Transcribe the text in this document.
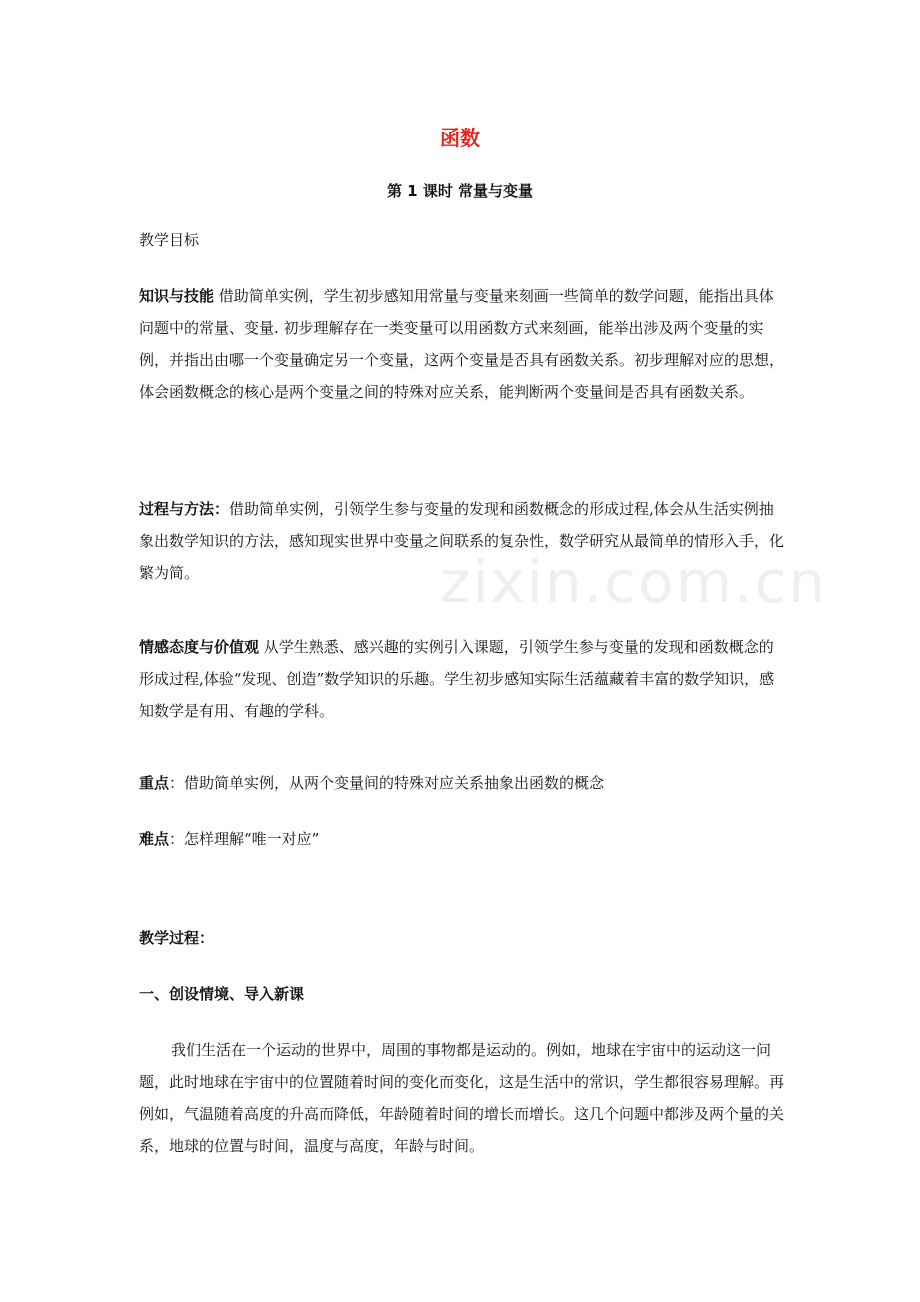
zixin.com.cn
函数
第 1 课时 常量与变量

教学目标

知识与技能 借助简单实例，学生初步感知用常量与变量来刻画一些简单的数学问题，能指出具体问题中的常量、变量. 初步理解存在一类变量可以用函数方式来刻画，能举出涉及两个变量的实例，并指出由哪一个变量确定另一个变量，这两个变量是否具有函数关系。初步理解对应的思想，体会函数概念的核心是两个变量之间的特殊对应关系，能判断两个变量间是否具有函数关系。

过程与方法：借助简单实例，引领学生参与变量的发现和函数概念的形成过程,体会从生活实例抽象出数学知识的方法，感知现实世界中变量之间联系的复杂性，数学研究从最简单的情形入手，化繁为简。

情感态度与价值观 从学生熟悉、感兴趣的实例引入课题，引领学生参与变量的发现和函数概念的形成过程,体验“发现、创造”数学知识的乐趣。学生初步感知实际生活蕴藏着丰富的数学知识，感知数学是有用、有趣的学科。

重点：借助简单实例，从两个变量间的特殊对应关系抽象出函数的概念

难点：怎样理解“唯一对应”

教学过程：

一、创设情境、导入新课

我们生活在一个运动的世界中，周围的事物都是运动的。例如，地球在宇宙中的运动这一问题，此时地球在宇宙中的位置随着时间的变化而变化，这是生活中的常识，学生都很容易理解。再例如，气温随着高度的升高而降低，年龄随着时间的增长而增长。这几个问题中都涉及两个量的关系，地球的位置与时间，温度与高度，年龄与时间。
